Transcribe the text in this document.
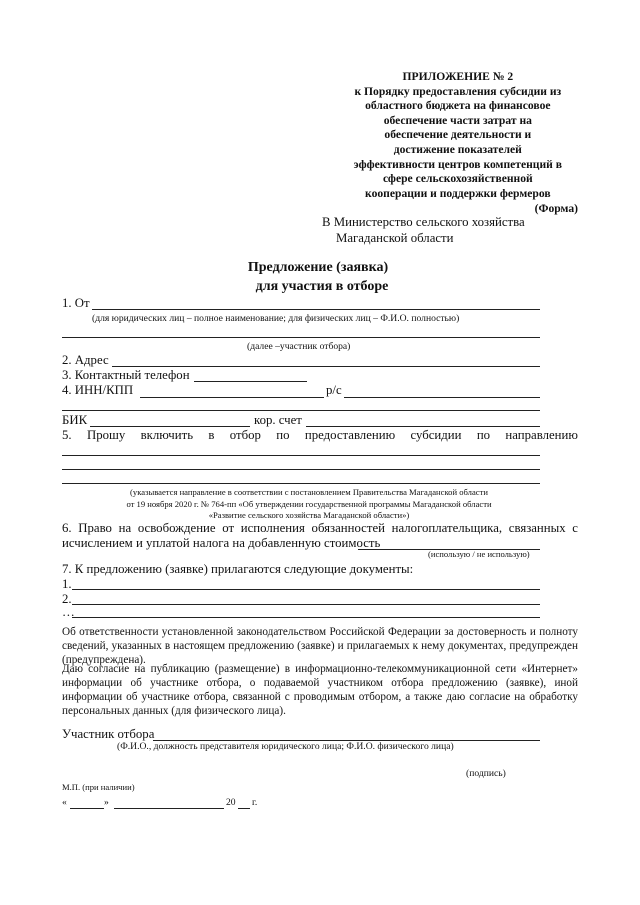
ПРИЛОЖЕНИЕ № 2
к Порядку предоставления субсидии из
областного бюджета на финансовое
обеспечение части затрат на
обеспечение деятельности и
достижение показателей
эффективности центров компетенций в
сфере сельскохозяйственной
кооперации и поддержки фермеров
(Форма)
В Министерство сельского хозяйства
Магаданской области
Предложение (заявка)
для участия в отборе
1. От
(для юридических лиц – полное наименование; для физических лиц – Ф.И.О. полностью)
(далее –участник отбора)
2. Адрес
3. Контактный телефон
4. ИНН/КПП	р/с
БИК	кор. счет
5. Прошу включить в отбор по предоставлению субсидии по направлению
(указывается направление в соответствии с постановлением Правительства Магаданской области
от 19 ноября 2020 г. № 764-пп «Об утверждении государственной программы Магаданской области
«Развитие сельского хозяйства Магаданской области»)
6. Право на освобождение от исполнения обязанностей налогоплательщика, связанных с
исчислением и уплатой налога на добавленную стоимость
(использую / не использую)
7. К предложению (заявке) прилагаются следующие документы:
1.
2.
…
Об ответственности установленной законодательством Российской Федерации за достоверность и полноту сведений, указанных в настоящем предложению (заявке) и прилагаемых к нему документах, предупрежден (предупреждена).
Даю согласие на публикацию (размещение) в информационно-телекоммуникационной сети «Интернет» информации об участнике отбора, о подаваемой участником отбора предложению (заявке), иной информации об участнике отбора, связанной с проводимым отбором, а также даю согласие на обработку персональных данных (для физического лица).
Участник отбора
(Ф.И.О., должность представителя юридического лица; Ф.И.О. физического лица)
(подпись)
М.П. (при наличии)
«	»	20 г.
